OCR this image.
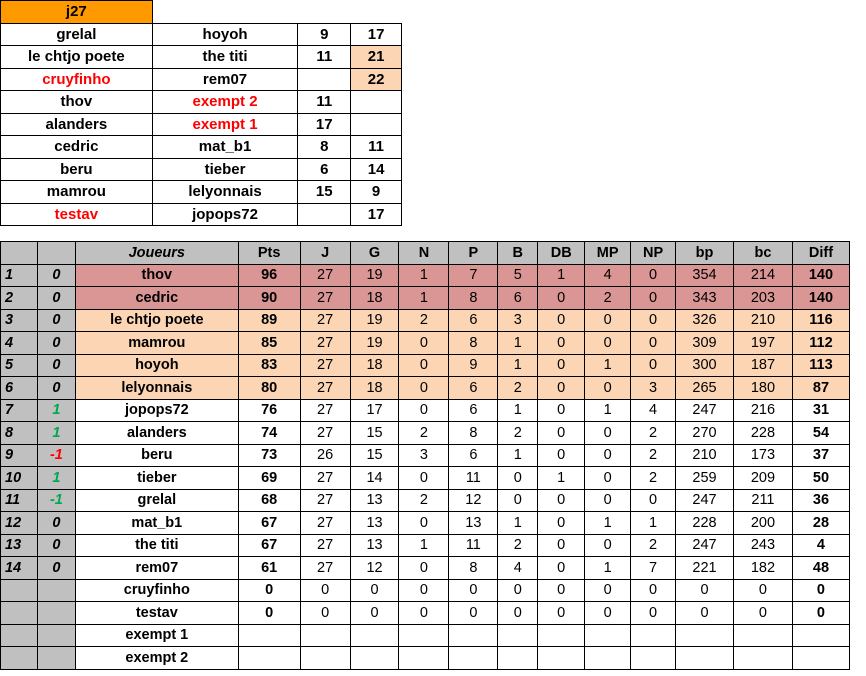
j27			
grelal	hoyoh	9	17
le chtjo poete	the titi	11	21
cruyfinho	rem07		22
thov	exempt 2	11	
alanders	exempt 1	17	
cedric	mat_b1	8	11
beru	tieber	6	14
mamrou	lelyonnais	15	9
testav	jopops72		17
		Joueurs	Pts	J	G	N	P	B	DB	MP	NP	bp	bc	Diff
1	0	thov	96	27	19	1	7	5	1	4	0	354	214	140
2	0	cedric	90	27	18	1	8	6	0	2	0	343	203	140
3	0	le chtjo poete	89	27	19	2	6	3	0	0	0	326	210	116
4	0	mamrou	85	27	19	0	8	1	0	0	0	309	197	112
5	0	hoyoh	83	27	18	0	9	1	0	1	0	300	187	113
6	0	lelyonnais	80	27	18	0	6	2	0	0	3	265	180	87
7	1	jopops72	76	27	17	0	6	1	0	1	4	247	216	31
8	1	alanders	74	27	15	2	8	2	0	0	2	270	228	54
9	-1	beru	73	26	15	3	6	1	0	0	2	210	173	37
10	1	tieber	69	27	14	0	11	0	1	0	2	259	209	50
11	-1	grelal	68	27	13	2	12	0	0	0	0	247	211	36
12	0	mat_b1	67	27	13	0	13	1	0	1	1	228	200	28
13	0	the titi	67	27	13	1	11	2	0	0	2	247	243	4
14	0	rem07	61	27	12	0	8	4	0	1	7	221	182	48
		cruyfinho	0	0	0	0	0	0	0	0	0	0	0	0
		testav	0	0	0	0	0	0	0	0	0	0	0	0
		exempt 1												
		exempt 2												
